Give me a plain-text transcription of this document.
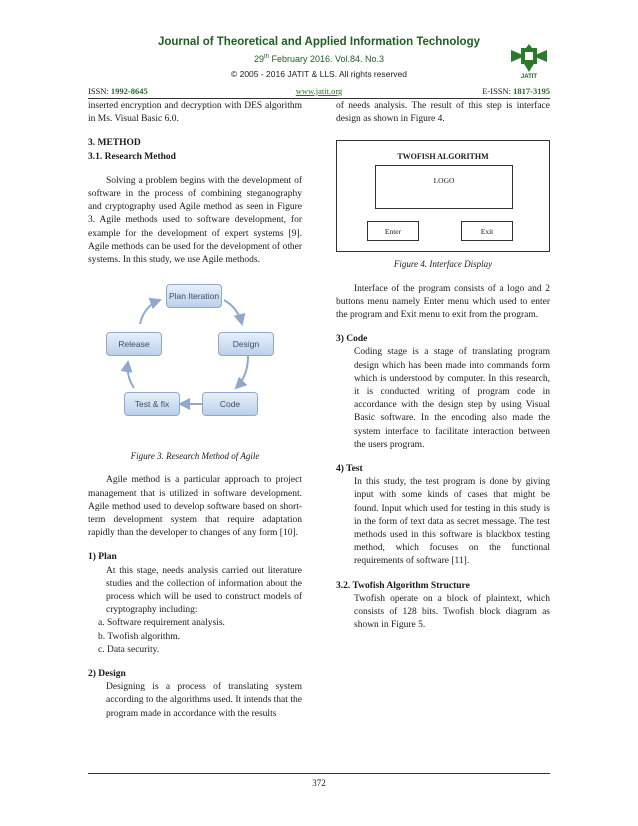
Journal of Theoretical and Applied Information Technology
29th February 2016. Vol.84. No.3
© 2005 - 2016 JATIT & LLS. All rights reserved	JATIT
ISSN: 1992-8645	www.jatit.org	E-ISSN: 1817-3195

inserted encryption and decryption with DES algorithm in Ms. Visual Basic 6.0.

3. METHOD

3.1. Research Method

Solving a problem begins with the development of software in the process of combining steganography and cryptography used Agile method as seen in Figure 3. Agile methods used to software development, for example for the development of expert systems [9]. Agile methods can be used for the development of other systems. In this study, we use Agile methods.

Plan Iteration
Design
Code
Test & fix
Release

Figure 3. Research Method of Agile

Agile method is a particular approach to project management that is utilized in software development. Agile method used to develop software based on short-term development system that require adaptation rapidly than the developer to changes of any form [10].

1) Plan

At this stage, needs analysis carried out literature studies and the collection of information about the process which will be used to construct models of cryptography including:

a. Software requirement analysis.

b. Twofish algorithm.

c. Data security.

2) Design

Designing is a process of translating system according to the algorithms used. It intends that the program made in accordance with the results

of needs analysis. The result of this step is interface design as shown in Figure 4.

TWOFISH ALGORITHM
LOGO
Enter	Exit

Figure 4. Interface Display

Interface of the program consists of a logo and 2 buttons menu namely Enter menu which used to enter the program and Exit menu to exit from the program.

3) Code

Coding stage is a stage of translating program design which has been made into commands form which is understood by computer. In this research, it is conducted writing of program code in accordance with the design step by using Visual Basic software. In the encoding also made the system interface to facilitate interaction between the users program.

4) Test

In this study, the test program is done by giving input with some kinds of cases that might be found. Input which used for testing in this study is in the form of text data as secret message. The test methods used in this software is blackbox testing method, which focuses on the functional requirements of software [11].

3.2. Twofish Algorithm Structure

Twofish operate on a block of plaintext, which consists of 128 bits. Twofish block diagram as shown in Figure 5.

372
